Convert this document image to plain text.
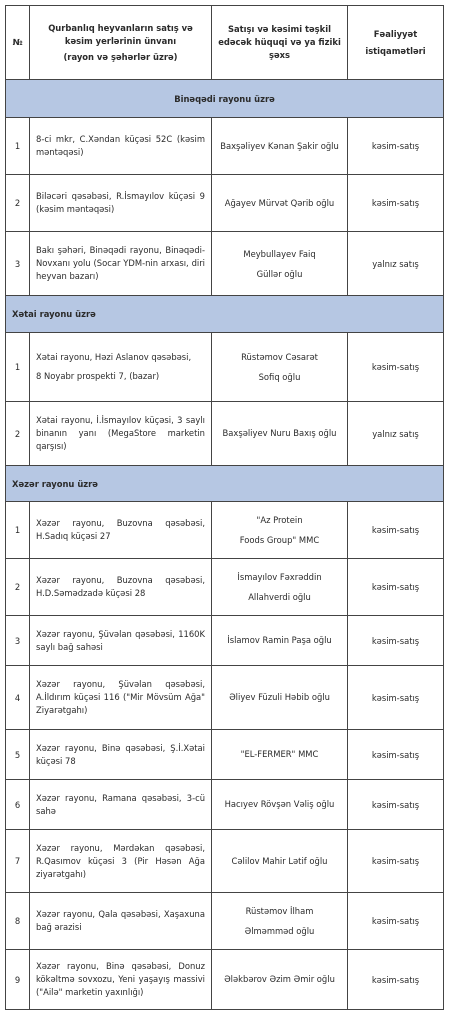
№	Qurbanlıq heyvanların satış və kəsim yerlərinin ünvanı
(rayon və şəhərlər üzrə)	Satışı və kəsimi təşkil edəcək hüquqi və ya fiziki şəxs	Fəaliyyət
istiqamətləri

Binəqədi rayonu üzrə			
1	8-ci mkr, C.Xəndan küçəsi 52C (kəsim məntəqəsi)	Baxşəliyev Kənan Şakir oğlu	kəsim-satış
2	Biləcəri qəsəbəsi, R.İsmayılov küçəsi 9 (kəsim məntəqəsi)	Ağayev Mürvət Qərib oğlu	kəsim-satış
3	Bakı şəhəri, Binəqədi rayonu, Binəqədi-Novxanı yolu (Socar YDM-nin arxası, diri heyvan bazarı)	Meybullayev Faiq
Güllər oğlu	yalnız satış
Xətai rayonu üzrə			
1	Xətai rayonu, Həzi Aslanov qəsəbəsi,
8 Noyabr prospekti 7, (bazar)	Rüstəmov Cəsarət
Sofiq oğlu	kəsim-satış
2	Xətai rayonu, İ.İsmayılov küçəsi, 3 saylı binanın yanı (MegaStore marketin qarşısı)	Baxşəliyev Nuru Baxış oğlu	yalnız satış
Xəzər rayonu üzrə			
1	Xəzər rayonu, Buzovna qəsəbəsi, H.Sadıq küçəsi 27	"Az Protein
Foods Group" MMC	kəsim-satış
2	Xəzər rayonu, Buzovna qəsəbəsi, H.D.Səmədzadə küçəsi 28	İsmayılov Fəxrəddin
Allahverdi oğlu	kəsim-satış
3	Xəzər rayonu, Şüvəlan qəsəbəsi, 1160K saylı bağ sahəsi	İslamov Ramin Paşa oğlu	kəsim-satış
4	Xəzər rayonu, Şüvəlan qəsəbəsi, A.İldırım küçəsi 116 ("Mir Mövsüm Ağa" Ziyarətgahı)	Əliyev Füzuli Həbib oğlu	kəsim-satış
5	Xəzər rayonu, Binə qəsəbəsi, Ş.İ.Xətai küçəsi 78	"EL-FERMER" MMC	kəsim-satış
6	Xəzər rayonu, Ramana qəsəbəsi, 3-cü sahə	Hacıyev Rövşən Vəliş oğlu	kəsim-satış
7	Xəzər rayonu, Mərdəkan qəsəbəsi, R.Qasımov küçəsi 3 (Pir Həsən Ağa ziyarətgahı)	Cəlilov Mahir Lətif oğlu	kəsim-satış
8	Xəzər rayonu, Qala qəsəbəsi, Xaşaxuna bağ ərazisi	Rüstəmov İlham
Əlməmməd oğlu	kəsim-satış
9	Xəzər rayonu, Binə qəsəbəsi, Donuz kökəltmə sovxozu, Yeni yaşayış massivi ("Ailə" marketin yaxınlığı)	Ələkbərov Əzim Əmir oğlu	kəsim-satış
